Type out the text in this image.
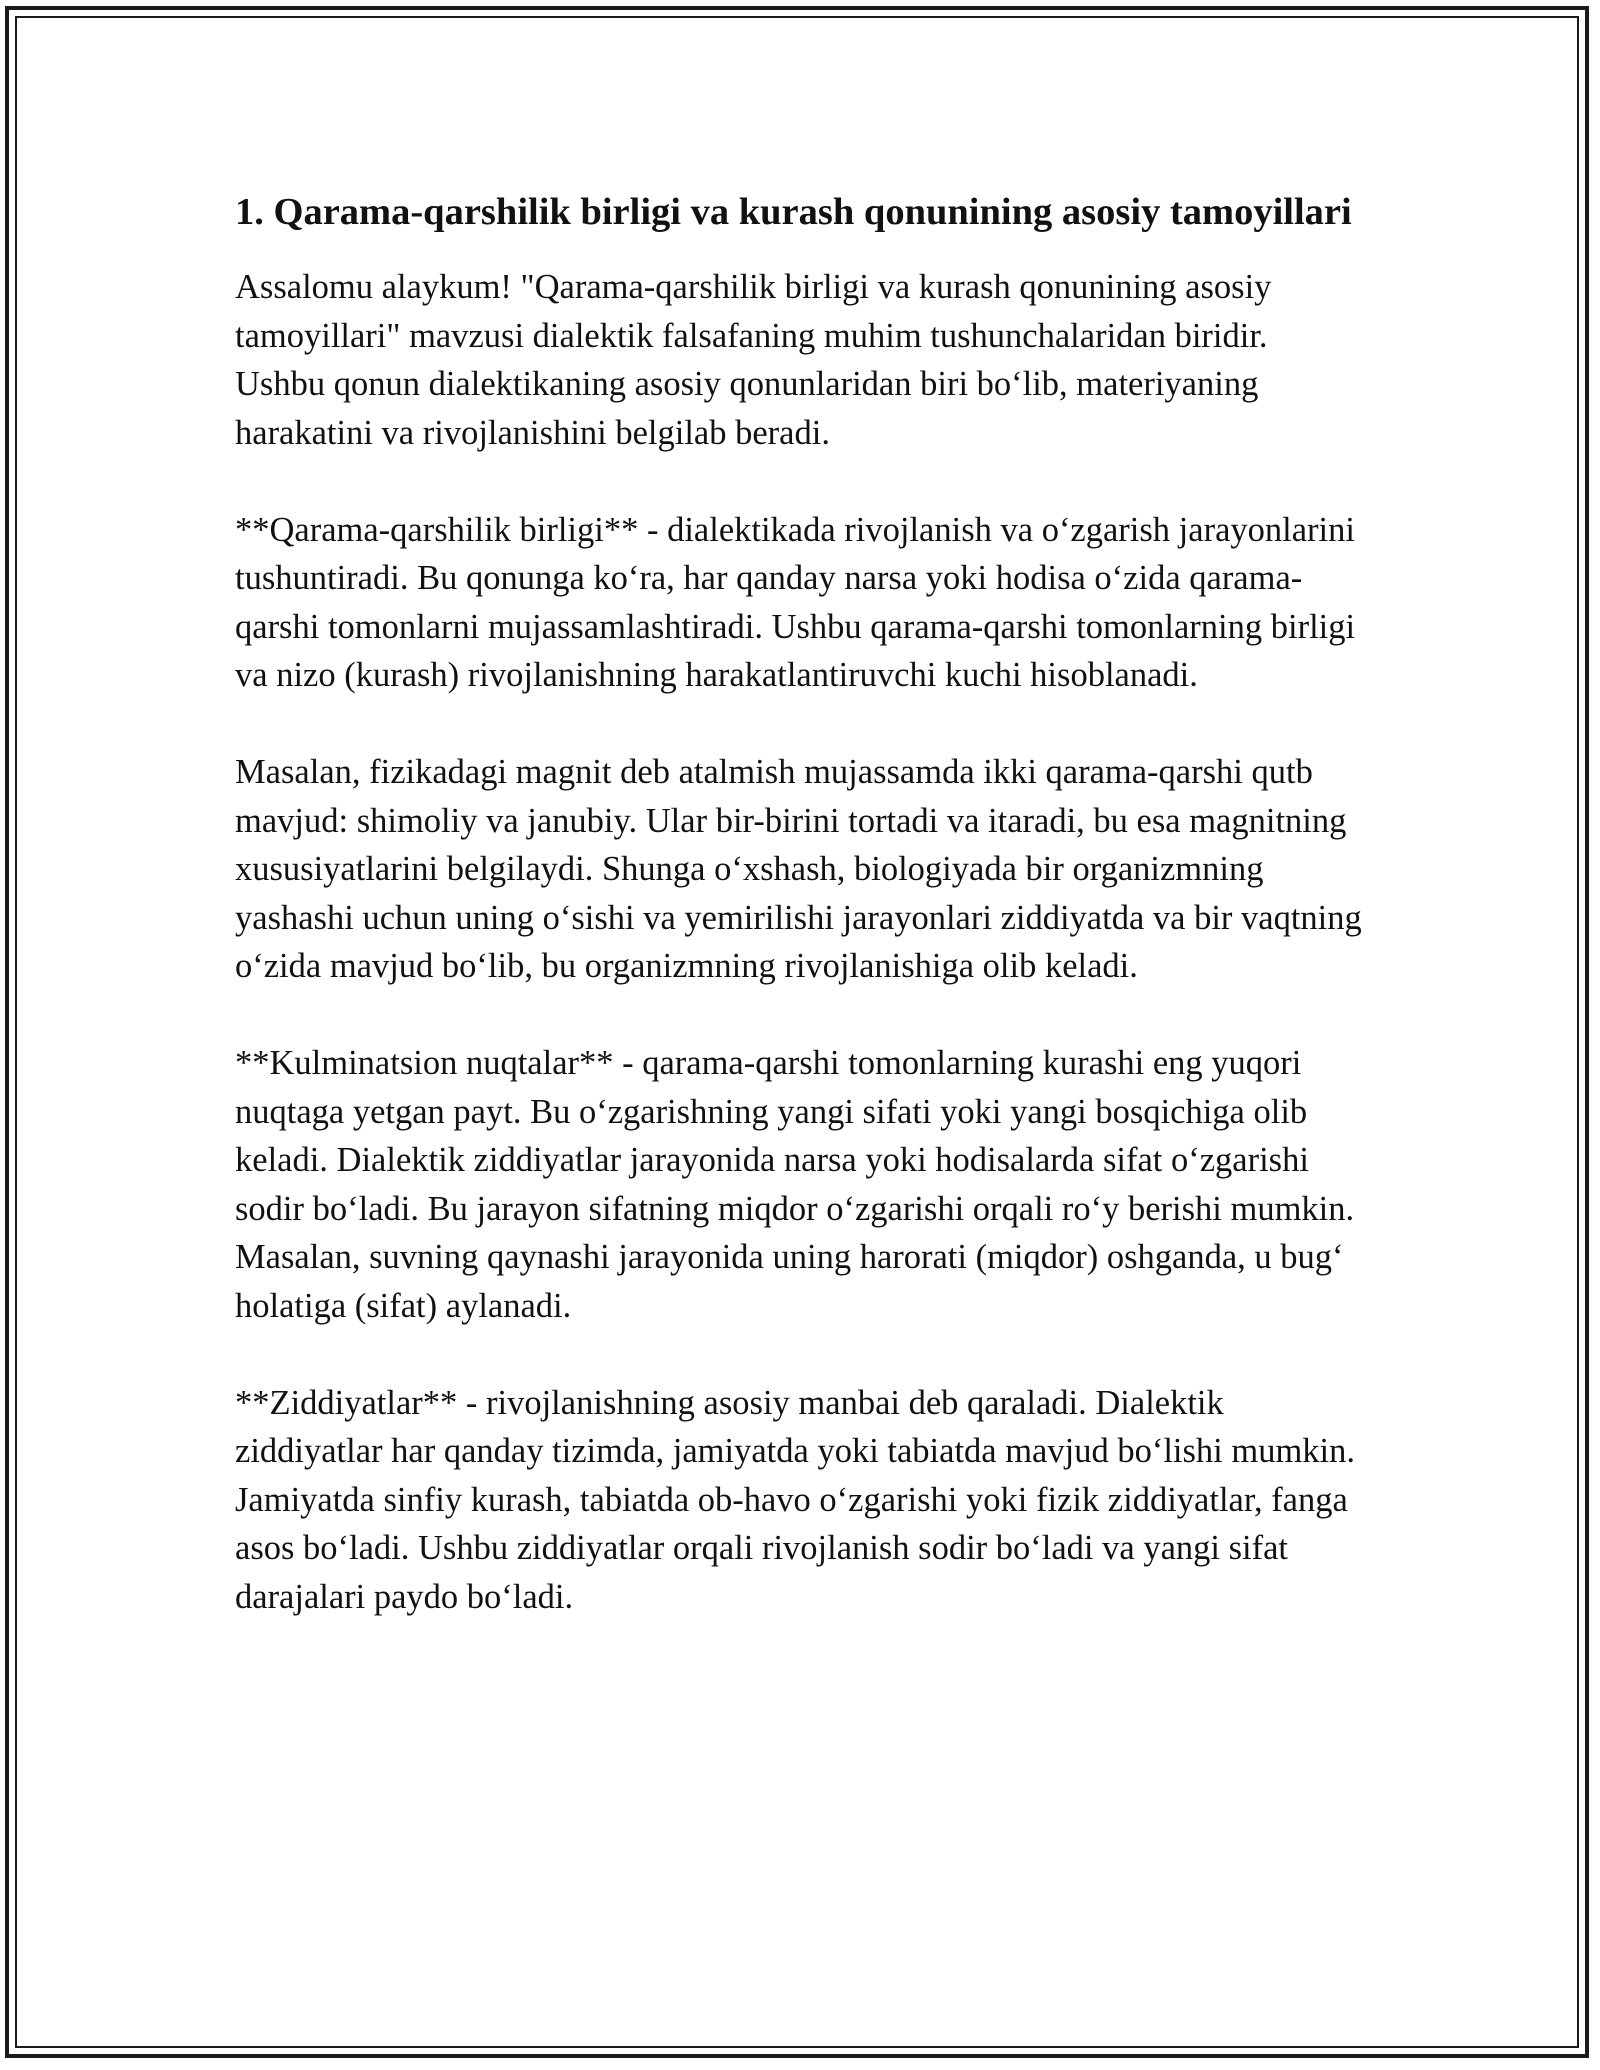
1. Qarama-qarshilik birligi va kurash qonunining asosiy tamoyillari

Assalomu alaykum! "Qarama-qarshilik birligi va kurash qonunining asosiy tamoyillari" mavzusi dialektik falsafaning muhim tushunchalaridan biridir. Ushbu qonun dialektikaning asosiy qonunlaridan biri boʻlib, materiyaning harakatini va rivojlanishini belgilab beradi.

**Qarama-qarshilik birligi** - dialektikada rivojlanish va oʻzgarish jarayonlarini tushuntiradi. Bu qonunga koʻra, har qanday narsa yoki hodisa oʻzida qarama-qarshi tomonlarni mujassamlashtiradi. Ushbu qarama-qarshi tomonlarning birligi va nizo (kurash) rivojlanishning harakatlantiruvchi kuchi hisoblanadi.

Masalan, fizikadagi magnit deb atalmish mujassamda ikki qarama-qarshi qutb mavjud: shimoliy va janubiy. Ular bir-birini tortadi va itaradi, bu esa magnitning xususiyatlarini belgilaydi. Shunga oʻxshash, biologiyada bir organizmning yashashi uchun uning oʻsishi va yemirilishi jarayonlari ziddiyatda va bir vaqtning oʻzida mavjud boʻlib, bu organizmning rivojlanishiga olib keladi.

**Kulminatsion nuqtalar** - qarama-qarshi tomonlarning kurashi eng yuqori nuqtaga yetgan payt. Bu oʻzgarishning yangi sifati yoki yangi bosqichiga olib keladi. Dialektik ziddiyatlar jarayonida narsa yoki hodisalarda sifat oʻzgarishi sodir boʻladi. Bu jarayon sifatning miqdor oʻzgarishi orqali roʻy berishi mumkin. Masalan, suvning qaynashi jarayonida uning harorati (miqdor) oshganda, u bugʻ holatiga (sifat) aylanadi.

**Ziddiyatlar** - rivojlanishning asosiy manbai deb qaraladi. Dialektik ziddiyatlar har qanday tizimda, jamiyatda yoki tabiatda mavjud boʻlishi mumkin. Jamiyatda sinfiy kurash, tabiatda ob-havo oʻzgarishi yoki fizik ziddiyatlar, fanga asos boʻladi. Ushbu ziddiyatlar orqali rivojlanish sodir boʻladi va yangi sifat darajalari paydo boʻladi.
